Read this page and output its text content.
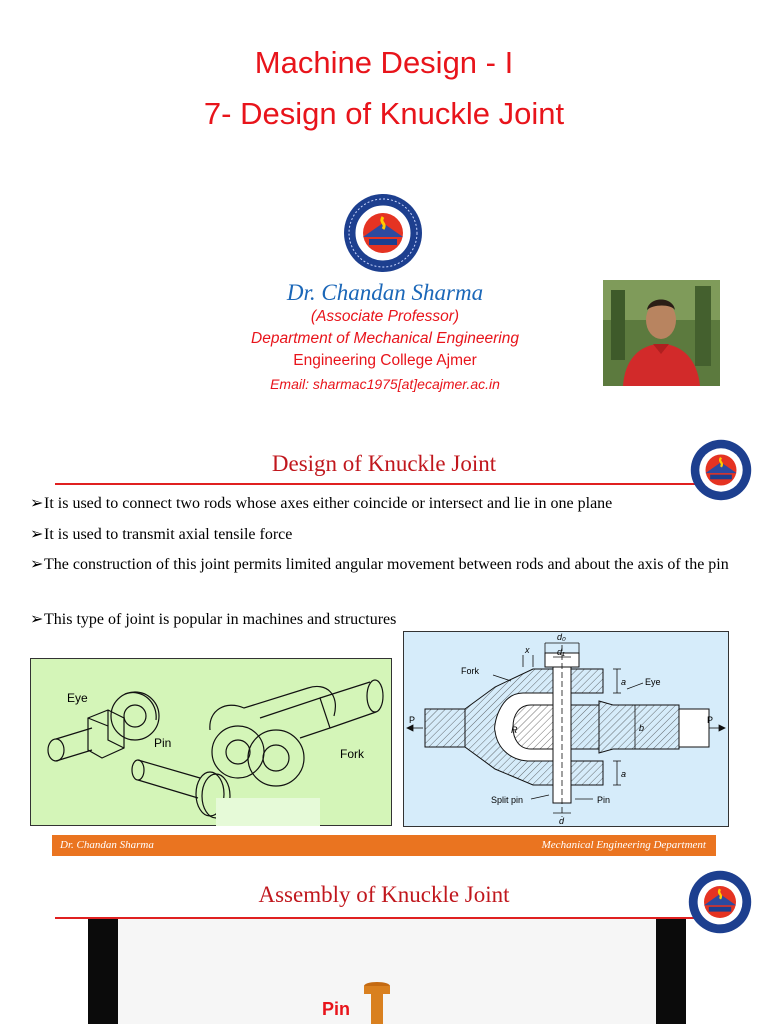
Machine Design - I
7- Design of Knuckle Joint
Dr. Chandan Sharma
(Associate Professor)
Department of Mechanical Engineering
Engineering College Ajmer
Email: sharmac1975[at]ecajmer.ac.in
Design of Knuckle Joint
➢It is used to connect two rods whose axes either coincide or intersect and lie in one plane
➢It is used to transmit axial tensile force
➢The construction of this joint permits limited angular movement between rods and about the axis of the pin
➢This type of joint is popular in machines and structures
Eye
Pin
Fork
Fork
Eye
Split pin	Pin
P	P
d₀
d₁
d
x
a
a
b
R
Dr. Chandan Sharma	Mechanical Engineering Department
Assembly of Knuckle Joint
Pin
